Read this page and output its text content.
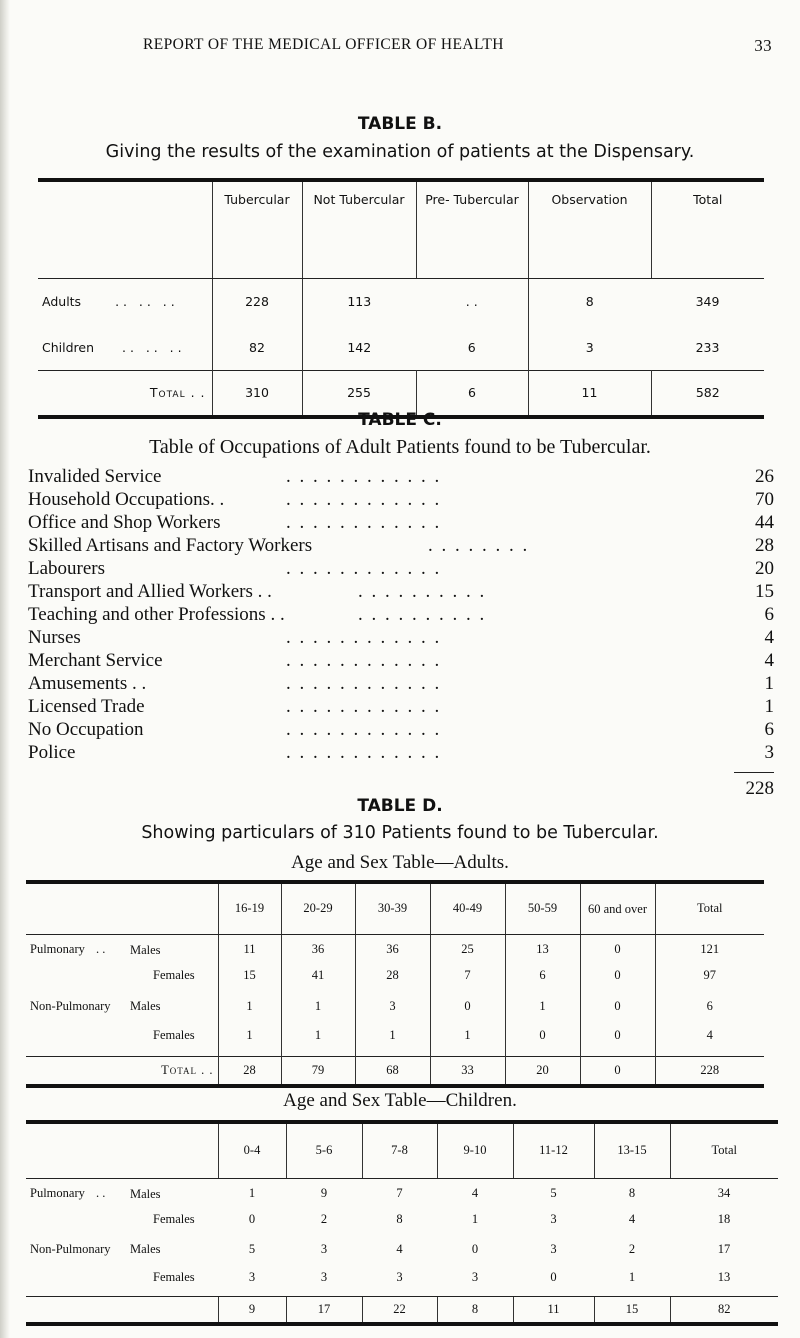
REPORT OF THE MEDICAL OFFICER OF HEALTH	33
TABLE B.
Giving the results of the examination of patients at the Dispensary.
	Tubercular	Not Tubercular	Pre- Tubercular	Observation	Total
Adults . .   . .   . .	228	113	. .	8	349
Children . .   . .   . .	82	142	6	3	233
Total . .	310	255	6	11	582
TABLE C.
Table of Occupations of Adult Patients found to be Tubercular.
Invalided Service	. . . . . . . . . . . .	26
Household Occupations. .	. . . . . . . . . . . .	70
Office and Shop Workers	. . . . . . . . . . . .	44
Skilled Artisans and Factory Workers	. . . . . . . .	28
Labourers	. . . . . . . . . . . .	20
Transport and Allied Workers . .	. . . . . . . . . .	15
Teaching and other Professions . .	. . . . . . . . . .	6
Nurses	. . . . . . . . . . . .	4
Merchant Service	. . . . . . . . . . . .	4
Amusements . .	. . . . . . . . . . . .	1
Licensed Trade	. . . . . . . . . . . .	1
No Occupation	. . . . . . . . . . . .	6
Police	. . . . . . . . . . . .	3
228
TABLE D.
Showing particulars of 310 Patients found to be Tubercular.
Age and Sex Table—Adults.
	16-19	20-29	30-39	40-49	50-59	60 and over	Total
Pulmonary . . Males	11	36	36	25	13	0	121
Females	15	41	28	7	6	0	97
Non-Pulmonary Males	1	1	3	0	1	0	6
Females	1	1	1	1	0	0	4
Total . .	28	79	68	33	20	0	228
Age and Sex Table—Children.
	0-4	5-6	7-8	9-10	11-12	13-15	Total
Pulmonary . . Males	1	9	7	4	5	8	34
Females	0	2	8	1	3	4	18
Non-Pulmonary Males	5	3	4	0	3	2	17
Females	3	3	3	3	0	1	13
	9	17	22	8	11	15	82
